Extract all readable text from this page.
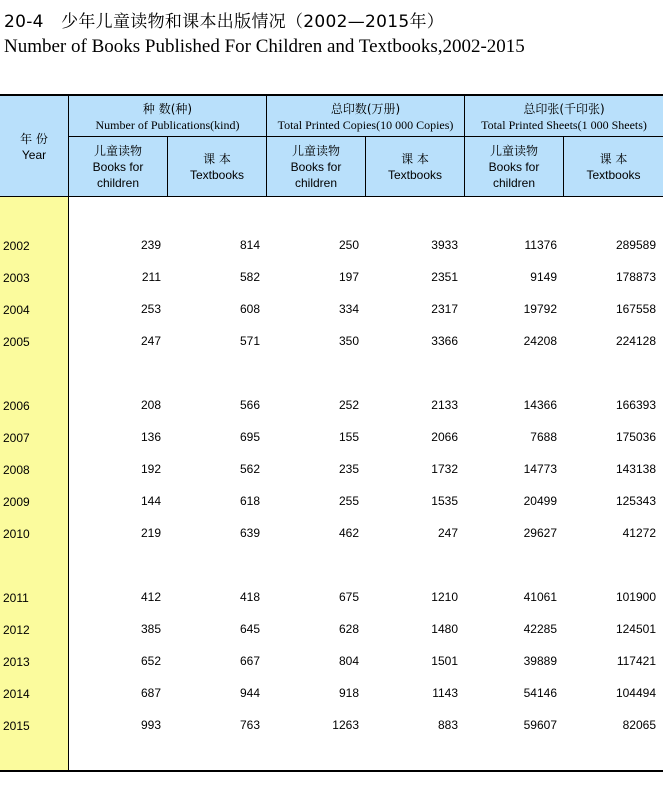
20-4　少年儿童读物和课本出版情况（2002—2015年）
Number of Books Published For Children and Textbooks,2002-2015
年 份
Year
种 数(种)
Number of Publications(kind)
总印数(万册)
Total Printed Copies(10 000 Copies)
总印张(千印张)
Total Printed Sheets(1 000 Sheets)
儿童读物
Books for
children
课 本
Textbooks
儿童读物
Books for
children
课 本
Textbooks
儿童读物
Books for
children
课 本
Textbooks
2002	239	814	250	3933	11376	289589
2003	211	582	197	2351	9149	178873
2004	253	608	334	2317	19792	167558
2005	247	571	350	3366	24208	224128
2006	208	566	252	2133	14366	166393
2007	136	695	155	2066	7688	175036
2008	192	562	235	1732	14773	143138
2009	144	618	255	1535	20499	125343
2010	219	639	462	247	29627	41272
2011	412	418	675	1210	41061	101900
2012	385	645	628	1480	42285	124501
2013	652	667	804	1501	39889	117421
2014	687	944	918	1143	54146	104494
2015	993	763	1263	883	59607	82065
